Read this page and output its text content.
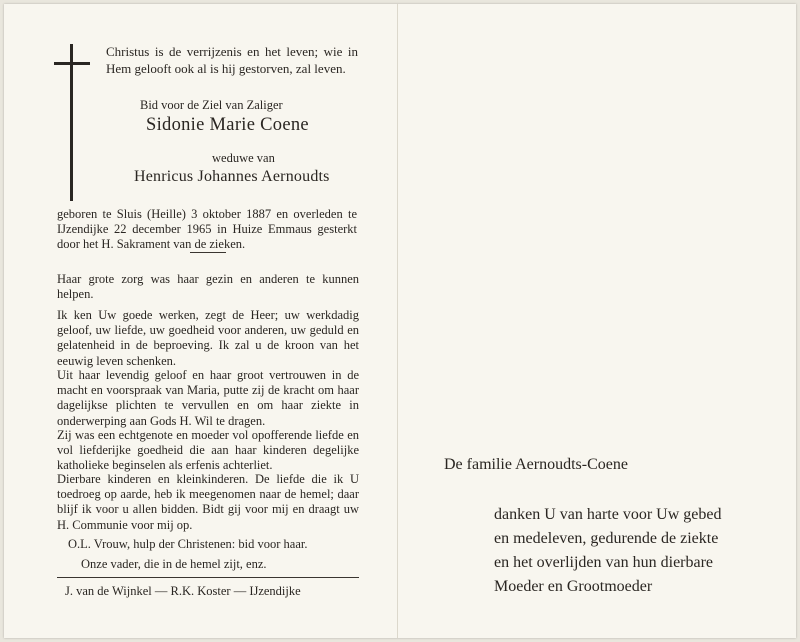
Christus is de verrijzenis en het leven; wie in Hem gelooft ook al is hij gestorven, zal leven.
Bid voor de Ziel van Zaliger
Sidonie Marie Coene
weduwe van
Henricus Johannes Aernoudts
geboren te Sluis (Heille) 3 oktober 1887 en overleden te IJzendijke 22 december 1965 in Huize Emmaus gesterkt door het H. Sakrament van de zieken.
Haar grote zorg was haar gezin en anderen te kunnen helpen.
Ik ken Uw goede werken, zegt de Heer; uw werkdadig geloof, uw liefde, uw goedheid voor anderen, uw geduld en gelatenheid in de beproeving. Ik zal u de kroon van het eeuwig leven schenken.
Uit haar levendig geloof en haar groot vertrouwen in de macht en voorspraak van Maria, putte zij de kracht om haar dagelijkse plichten te vervullen en om haar ziekte in onderwerping aan Gods H. Wil te dragen.
Zij was een echtgenote en moeder vol opofferende liefde en vol liefderijke goedheid die aan haar kinderen degelijke katholieke beginselen als erfenis achterliet.
Dierbare kinderen en kleinkinderen. De liefde die ik U toedroeg op aarde, heb ik meegenomen naar de hemel; daar blijf ik voor u allen bidden. Bidt gij voor mij en draagt uw H. Communie voor mij op.
O.L. Vrouw, hulp der Christenen: bid voor haar.
Onze vader, die in de hemel zijt, enz.
J. van de Wijnkel — R.K. Koster — IJzendijke
De familie Aernoudts-Coene
danken U van harte voor Uw gebed
en medeleven, gedurende de ziekte
en het overlijden van hun dierbare
Moeder en Grootmoeder
